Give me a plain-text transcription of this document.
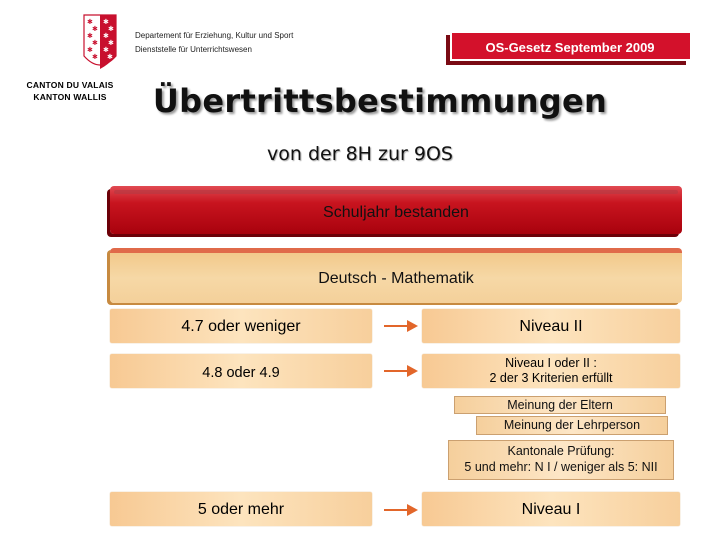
✱
✱
✱
✱
✱
✱
✱
✱
✱
✱
✱
✱
CANTON DU VALAIS
KANTON WALLIS
Departement für Erziehung, Kultur und Sport
Dienststelle für Unterrichtswesen	OS-Gesetz September 2009
Übertrittsbestimmungen
von der 8H zur 9OS
Schuljahr bestanden
Deutsch - Mathematik
4.7 oder weniger	Niveau II
4.8 oder 4.9
Niveau I oder II :
2 der 3 Kriterien erfüllt
Meinung der Eltern
Meinung der Lehrperson
Kantonale Prüfung:
5 und mehr: N I / weniger als 5: NII
5 oder mehr	Niveau I
